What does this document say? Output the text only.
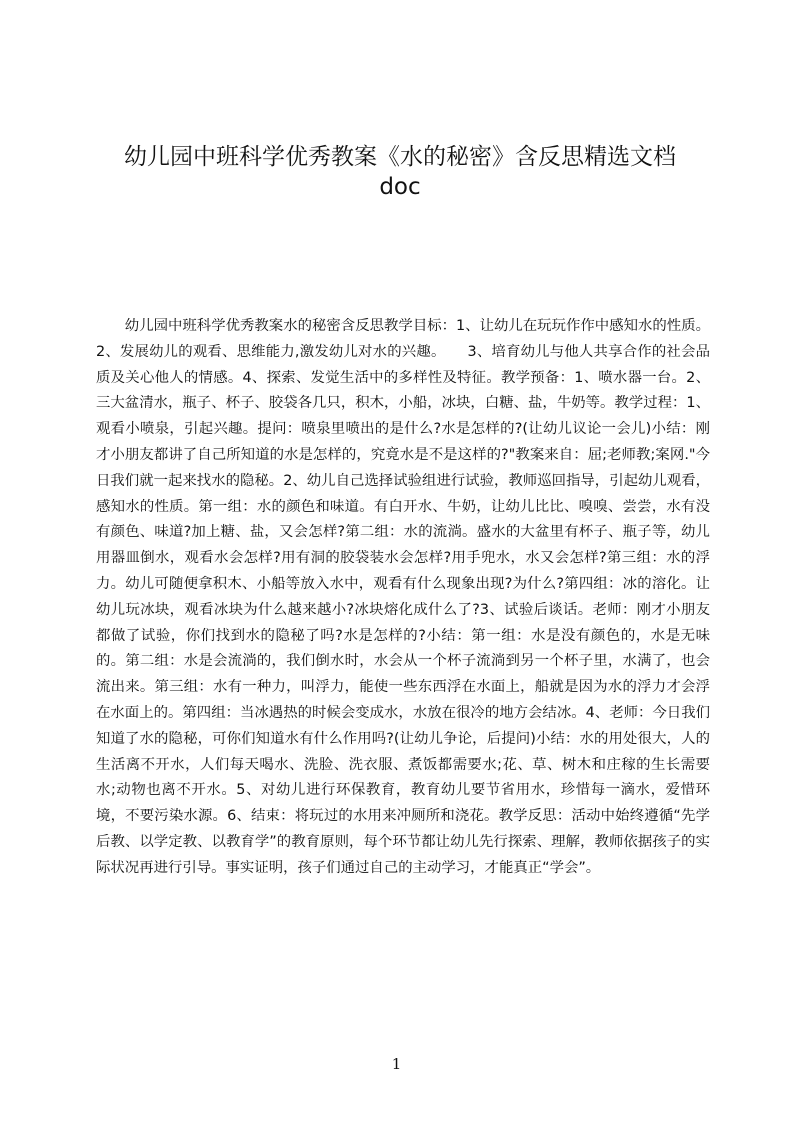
幼儿园中班科学优秀教案《水的秘密》含反思精选文档
doc

幼儿园中班科学优秀教案水的秘密含反思教学目标：1、让幼儿在玩玩作作中感知水的性质。2、发展幼儿的观看、思维能力,激发幼儿对水的兴趣。　　3、培育幼儿与他人共享合作的社会品质及关心他人的情感。4、探索、发觉生活中的多样性及特征。教学预备：1、喷水器一台。2、三大盆清水，瓶子、杯子、胶袋各几只，积木，小船，冰块，白糖、盐，牛奶等。教学过程：1、观看小喷泉，引起兴趣。提问：喷泉里喷出的是什么?水是怎样的?(让幼儿议论一会儿)小结：刚才小朋友都讲了自己所知道的水是怎样的，究竟水是不是这样的?"教案来自：屈;老师教;案网."今日我们就一起来找水的隐秘。2、幼儿自己选择试验组进行试验，教师巡回指导，引起幼儿观看，感知水的性质。第一组：水的颜色和味道。有白开水、牛奶，让幼儿比比、嗅嗅、尝尝，水有没有颜色、味道?加上糖、盐，又会怎样?第二组：水的流淌。盛水的大盆里有杯子、瓶子等，幼儿用器皿倒水，观看水会怎样?用有洞的胶袋装水会怎样?用手兜水，水又会怎样?第三组：水的浮力。幼儿可随便拿积木、小船等放入水中，观看有什么现象出现?为什么?第四组：冰的溶化。让幼儿玩冰块，观看冰块为什么越来越小?冰块熔化成什么了?3、试验后谈话。老师：刚才小朋友都做了试验，你们找到水的隐秘了吗?水是怎样的?小结：第一组：水是没有颜色的，水是无味的。第二组：水是会流淌的，我们倒水时，水会从一个杯子流淌到另一个杯子里，水满了，也会流出来。第三组：水有一种力，叫浮力，能使一些东西浮在水面上，船就是因为水的浮力才会浮在水面上的。第四组：当冰遇热的时候会变成水，水放在很冷的地方会结冰。4、老师：今日我们知道了水的隐秘，可你们知道水有什么作用吗?(让幼儿争论，后提问)小结：水的用处很大，人的生活离不开水，人们每天喝水、洗脸、洗衣服、煮饭都需要水;花、草、树木和庄稼的生长需要水;动物也离不开水。5、对幼儿进行环保教育，教育幼儿要节省用水，珍惜每一滴水，爱惜环境，不要污染水源。6、结束：将玩过的水用来冲厕所和浇花。教学反思：活动中始终遵循“先学后教、以学定教、以教育学”的教育原则，每个环节都让幼儿先行探索、理解，教师依据孩子的实际状况再进行引导。事实证明，孩子们通过自己的主动学习，才能真正“学会”。

1
